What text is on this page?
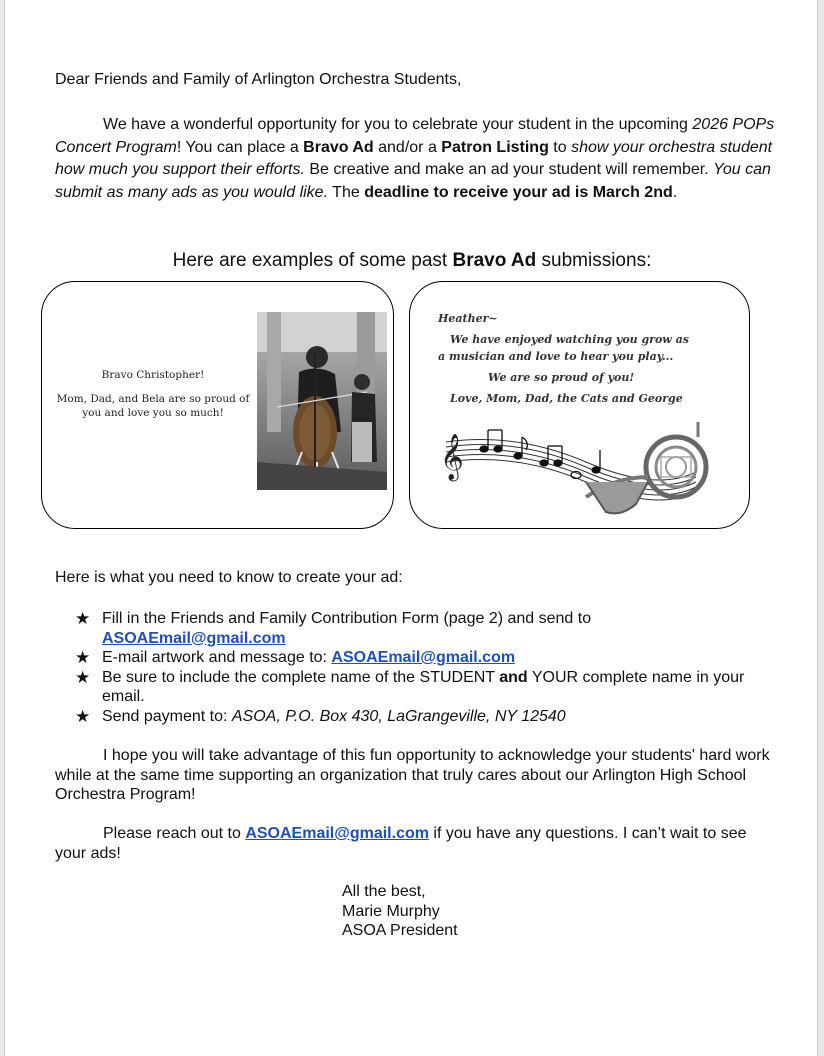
Dear Friends and Family of Arlington Orchestra Students,
We have a wonderful opportunity for you to celebrate your student in the upcoming 2026 POPs Concert Program! You can place a Bravo Ad and/or a Patron Listing to show your orchestra student how much you support their efforts. Be creative and make an ad your student will remember. You can submit as many ads as you would like. The deadline to receive your ad is March 2nd.
Here are examples of some past Bravo Ad submissions:
Bravo Christopher!
Mom, Dad, and Bela are so proud of you and love you so much!
Heather~
We have enjoyed watching you grow as
a musician and love to hear you play...
We are so proud of you!
Love, Mom, Dad, the Cats and George
𝄞
Here is what you need to know to create your ad:
★ Fill in the Friends and Family Contribution Form (page 2) and send to ASOAEmail@gmail.com
★ E-mail artwork and message to: ASOAEmail@gmail.com
★ Be sure to include the complete name of the STUDENT and YOUR complete name in your email.
★ Send payment to: ASOA, P.O. Box 430, LaGrangeville, NY 12540
I hope you will take advantage of this fun opportunity to acknowledge your students' hard work while at the same time supporting an organization that truly cares about our Arlington High School Orchestra Program!
Please reach out to ASOAEmail@gmail.com if you have any questions. I can’t wait to see your ads!
All the best,
Marie Murphy
ASOA President
